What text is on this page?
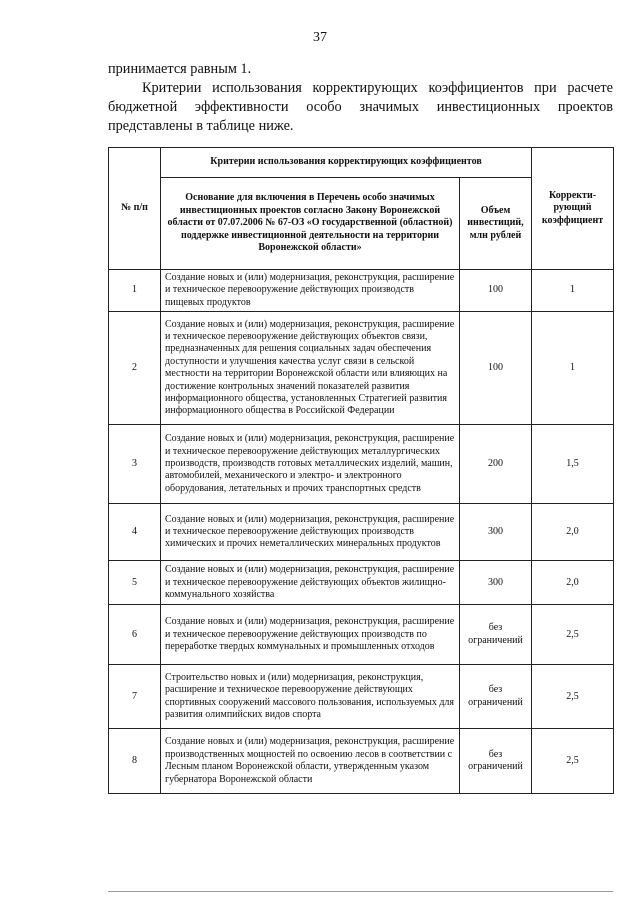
37

принимается равным 1.

Критерии использования корректирующих коэффициентов при расчете бюджетной эффективности особо значимых инвестиционных проектов представлены в таблице ниже.

№ п/п	Критерии использования корректирующих коэффициентов		Корректи-рующий коэффициент
	Основание для включения в Перечень особо значимых инвестиционных проектов согласно Закону Воронежской области от 07.07.2006 № 67-ОЗ «О государственной (областной) поддержке инвестиционной деятельности на территории Воронежской области»	Объем инвестиций, млн рублей	
1	Создание новых и (или) модернизация, реконструкция, расширение и техническое перевооружение действующих производств пищевых продуктов	100	1
2	Создание новых и (или) модернизация, реконструкция, расширение и техническое перевооружение действующих объектов связи, предназначенных для решения социальных задач обеспечения доступности и улучшения качества услуг связи в сельской местности на территории Воронежской области или влияющих на достижение контрольных значений показателей развития информационного общества, установленных Стратегией развития информационного общества в Российской Федерации	100	1
3	Создание новых и (или) модернизация, реконструкция, расширение и техническое перевооружение действующих металлургических производств, производств готовых металлических изделий, машин, автомобилей, механического и электро- и электронного оборудования, летательных и прочих транспортных средств	200	1,5
4	Создание новых и (или) модернизация, реконструкция, расширение и техническое перевооружение действующих производств химических и прочих неметаллических минеральных продуктов	300	2,0
5	Создание новых и (или) модернизация, реконструкция, расширение и техническое перевооружение действующих объектов жилищно-коммунального хозяйства	300	2,0
6	Создание новых и (или) модернизация, реконструкция, расширение и техническое перевооружение действующих производств по переработке твердых коммунальных и промышленных отходов	без ограничений	2,5
7	Строительство новых и (или) модернизация, реконструкция, расширение и техническое перевооружение действующих спортивных сооружений массового пользования, используемых для развития олимпийских видов спорта	без ограничений	2,5
8	Создание новых и (или) модернизация, реконструкция, расширение производственных мощностей по освоению лесов в соответствии с Лесным планом Воронежской области, утвержденным указом губернатора Воронежской области	без ограничений	2,5
